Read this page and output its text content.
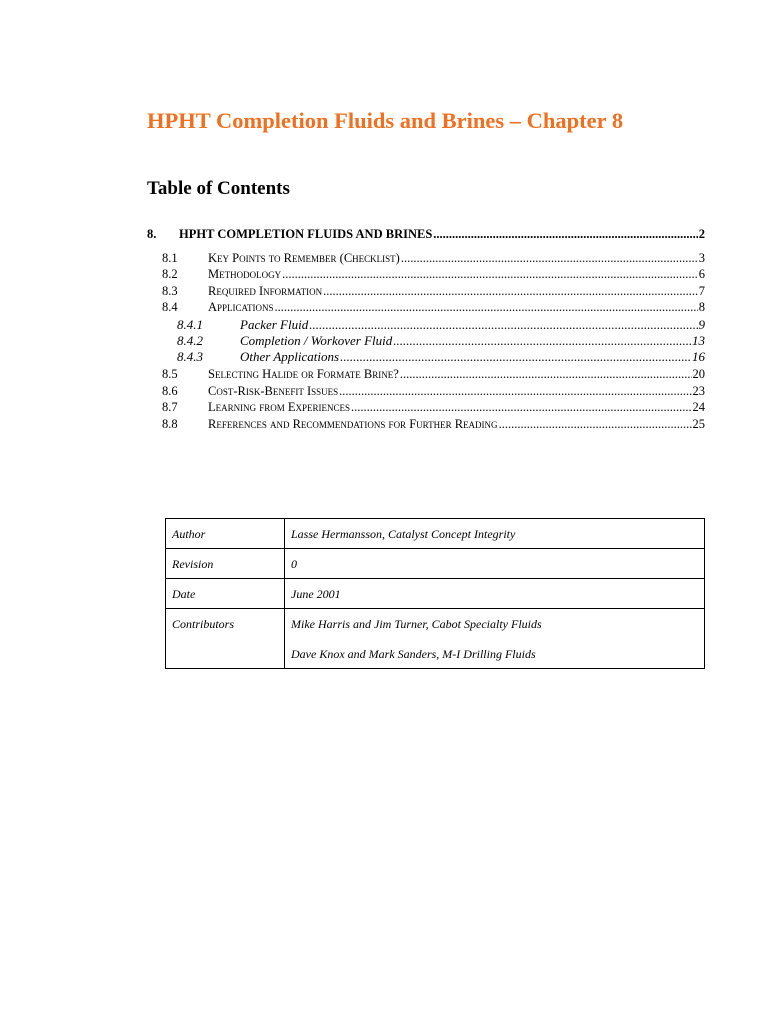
HPHT Completion Fluids and Brines – Chapter 8
Table of Contents
8.	HPHT COMPLETION FLUIDS AND BRINES .....	2
8.1	Key Points to Remember (Checklist) .....	3
8.2	Methodology .....	6
8.3	Required Information .....	7
8.4	Applications .....	8
8.4.1	Packer Fluid .....	9
8.4.2	Completion / Workover Fluid .....	13
8.4.3	Other Applications .....	16
8.5	Selecting Halide or Formate Brine? .....	20
8.6	Cost-Risk-Benefit Issues .....	23
8.7	Learning from Experiences .....	24
8.8	References and Recommendations for Further Reading .....	25
Author	Lasse Hermansson, Catalyst Concept Integrity

Revision	0

Date	June 2001

Contributors	Mike Harris and Jim Turner, Cabot Specialty Fluids

Dave Knox and Mark Sanders, M-I Drilling Fluids
